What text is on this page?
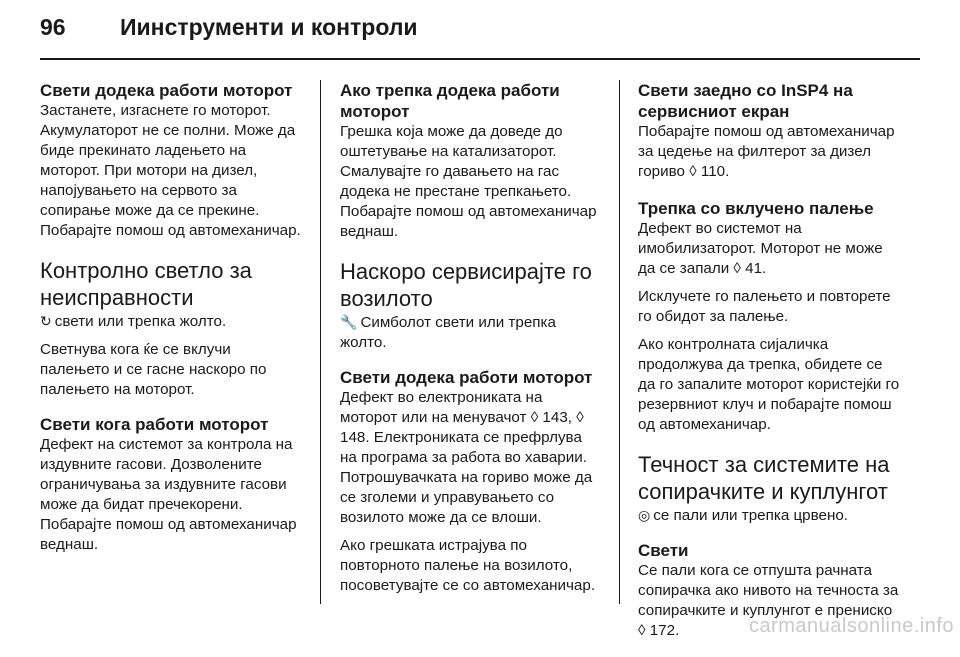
96	Иинструменти и контроли
Свети додека работи моторот

Застанете, изгаснете го моторот. Акумулаторот не се полни. Може да биде прекинато ладењето на моторот. При мотори на дизел, напојувањето на сервото за сопирање може да се прекине. Побарајте помош од автомеханичар.

Контролно светло за неисправности

↻ свети или трепка жолто.

Светнува кога ќе се вклучи палењето и се гасне наскоро по палењето на моторот.

Свети кога работи моторот

Дефект на системот за контрола на издувните гасови. Дозволените ограничувања за издувните гасови може да бидат пречекорени. Побарајте помош од автомеханичар веднаш.

Ако трепка додека работи моторот

Грешка која може да доведе до оштетување на катализаторот. Смалувајте го давањето на гас додека не престане трепкањето. Побарајте помош од автомеханичар веднаш.

Наскоро сервисирајте го возилото

🔧 Симболот свети или трепка жолто.

Свети додека работи моторот

Дефект во електрониката на моторот или на менувачот ◊ 143, ◊ 148. Електрониката се префрлува на програма за работа во хаварии. Потрошувачката на гориво може да се зголеми и управувањето со возилото може да се влоши.

Ако грешката истрајува по повторното палење на возилото, посоветувајте се со автомеханичар.

Свети заедно со InSP4 на сервисниот екран

Побарајте помош од автомеханичар за цедење на филтерот за дизел гориво ◊ 110.

Трепка со вклучено палење

Дефект во системот на имобилизаторот. Моторот не може да се запали ◊ 41.

Исклучете го палењето и повторете го обидот за палење.

Ако контролната сијаличка продолжува да трепка, обидете се да го запалите моторот користејќи го резервниот клуч и побарајте помош од автомеханичар.

Течност за системите на сопирачките и куплунгот

◎ се пали или трепка црвено.

Свети

Се пали кога се отпушта рачната сопирачка ако нивото на течноста за сопирачките и куплунгот е прениско ◊ 172.	carmanualsonline.info
